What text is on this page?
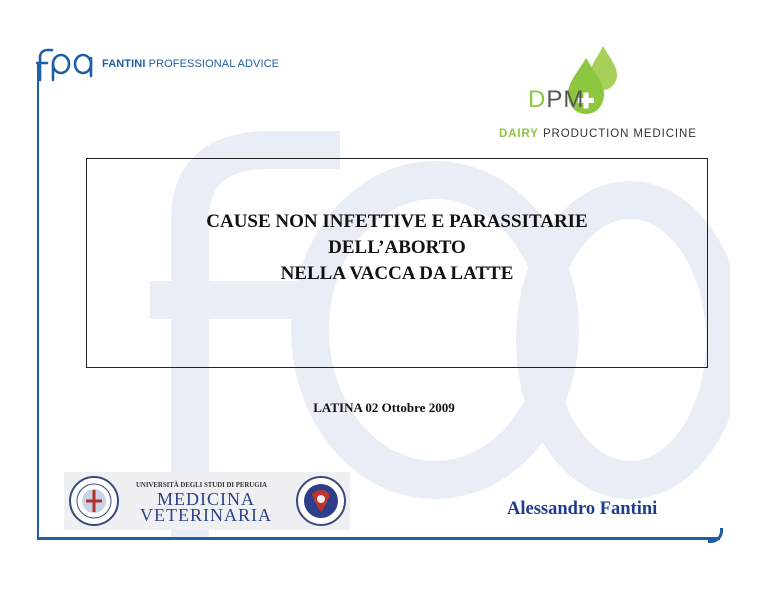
FANTINI PROFESSIONAL ADVICE
DPM
DAIRY PRODUCTION MEDICINE
CAUSE NON INFETTIVE E PARASSITARIE
DELL’ABORTO
NELLA VACCA DA LATTE
LATINA 02 Ottobre 2009
UNIVERSITÀ DEGLI STUDI DI PERUGIA
MEDICINA
VETERINARIA	Alessandro Fantini
